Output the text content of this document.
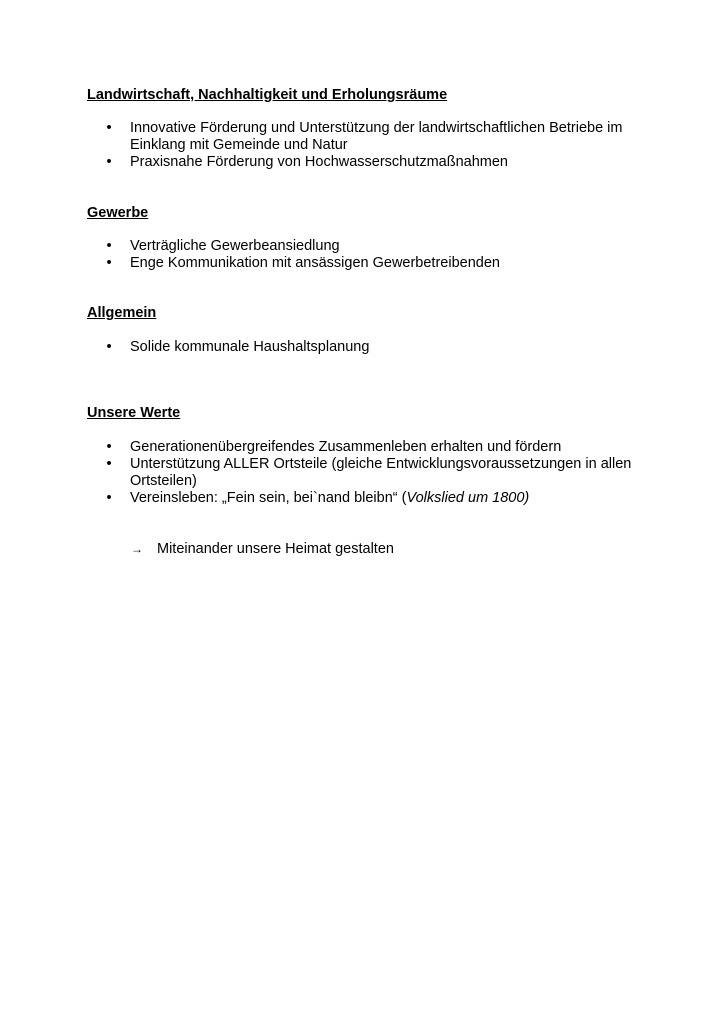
Landwirtschaft, Nachhaltigkeit und Erholungsräume
• Innovative Förderung und Unterstützung der landwirtschaftlichen Betriebe im Einklang mit Gemeinde und Natur
• Praxisnahe Förderung von Hochwasserschutzmaßnahmen
Gewerbe
• Verträgliche Gewerbeansiedlung
• Enge Kommunikation mit ansässigen Gewerbetreibenden
Allgemein
• Solide kommunale Haushaltsplanung
Unsere Werte
• Generationenübergreifendes Zusammenleben erhalten und fördern
• Unterstützung ALLER Ortsteile (gleiche Entwicklungsvoraussetzungen in allen Ortsteilen)
• Vereinsleben: „Fein sein, bei`nand bleibn“ (Volkslied um 1800)
→ Miteinander unsere Heimat gestalten
